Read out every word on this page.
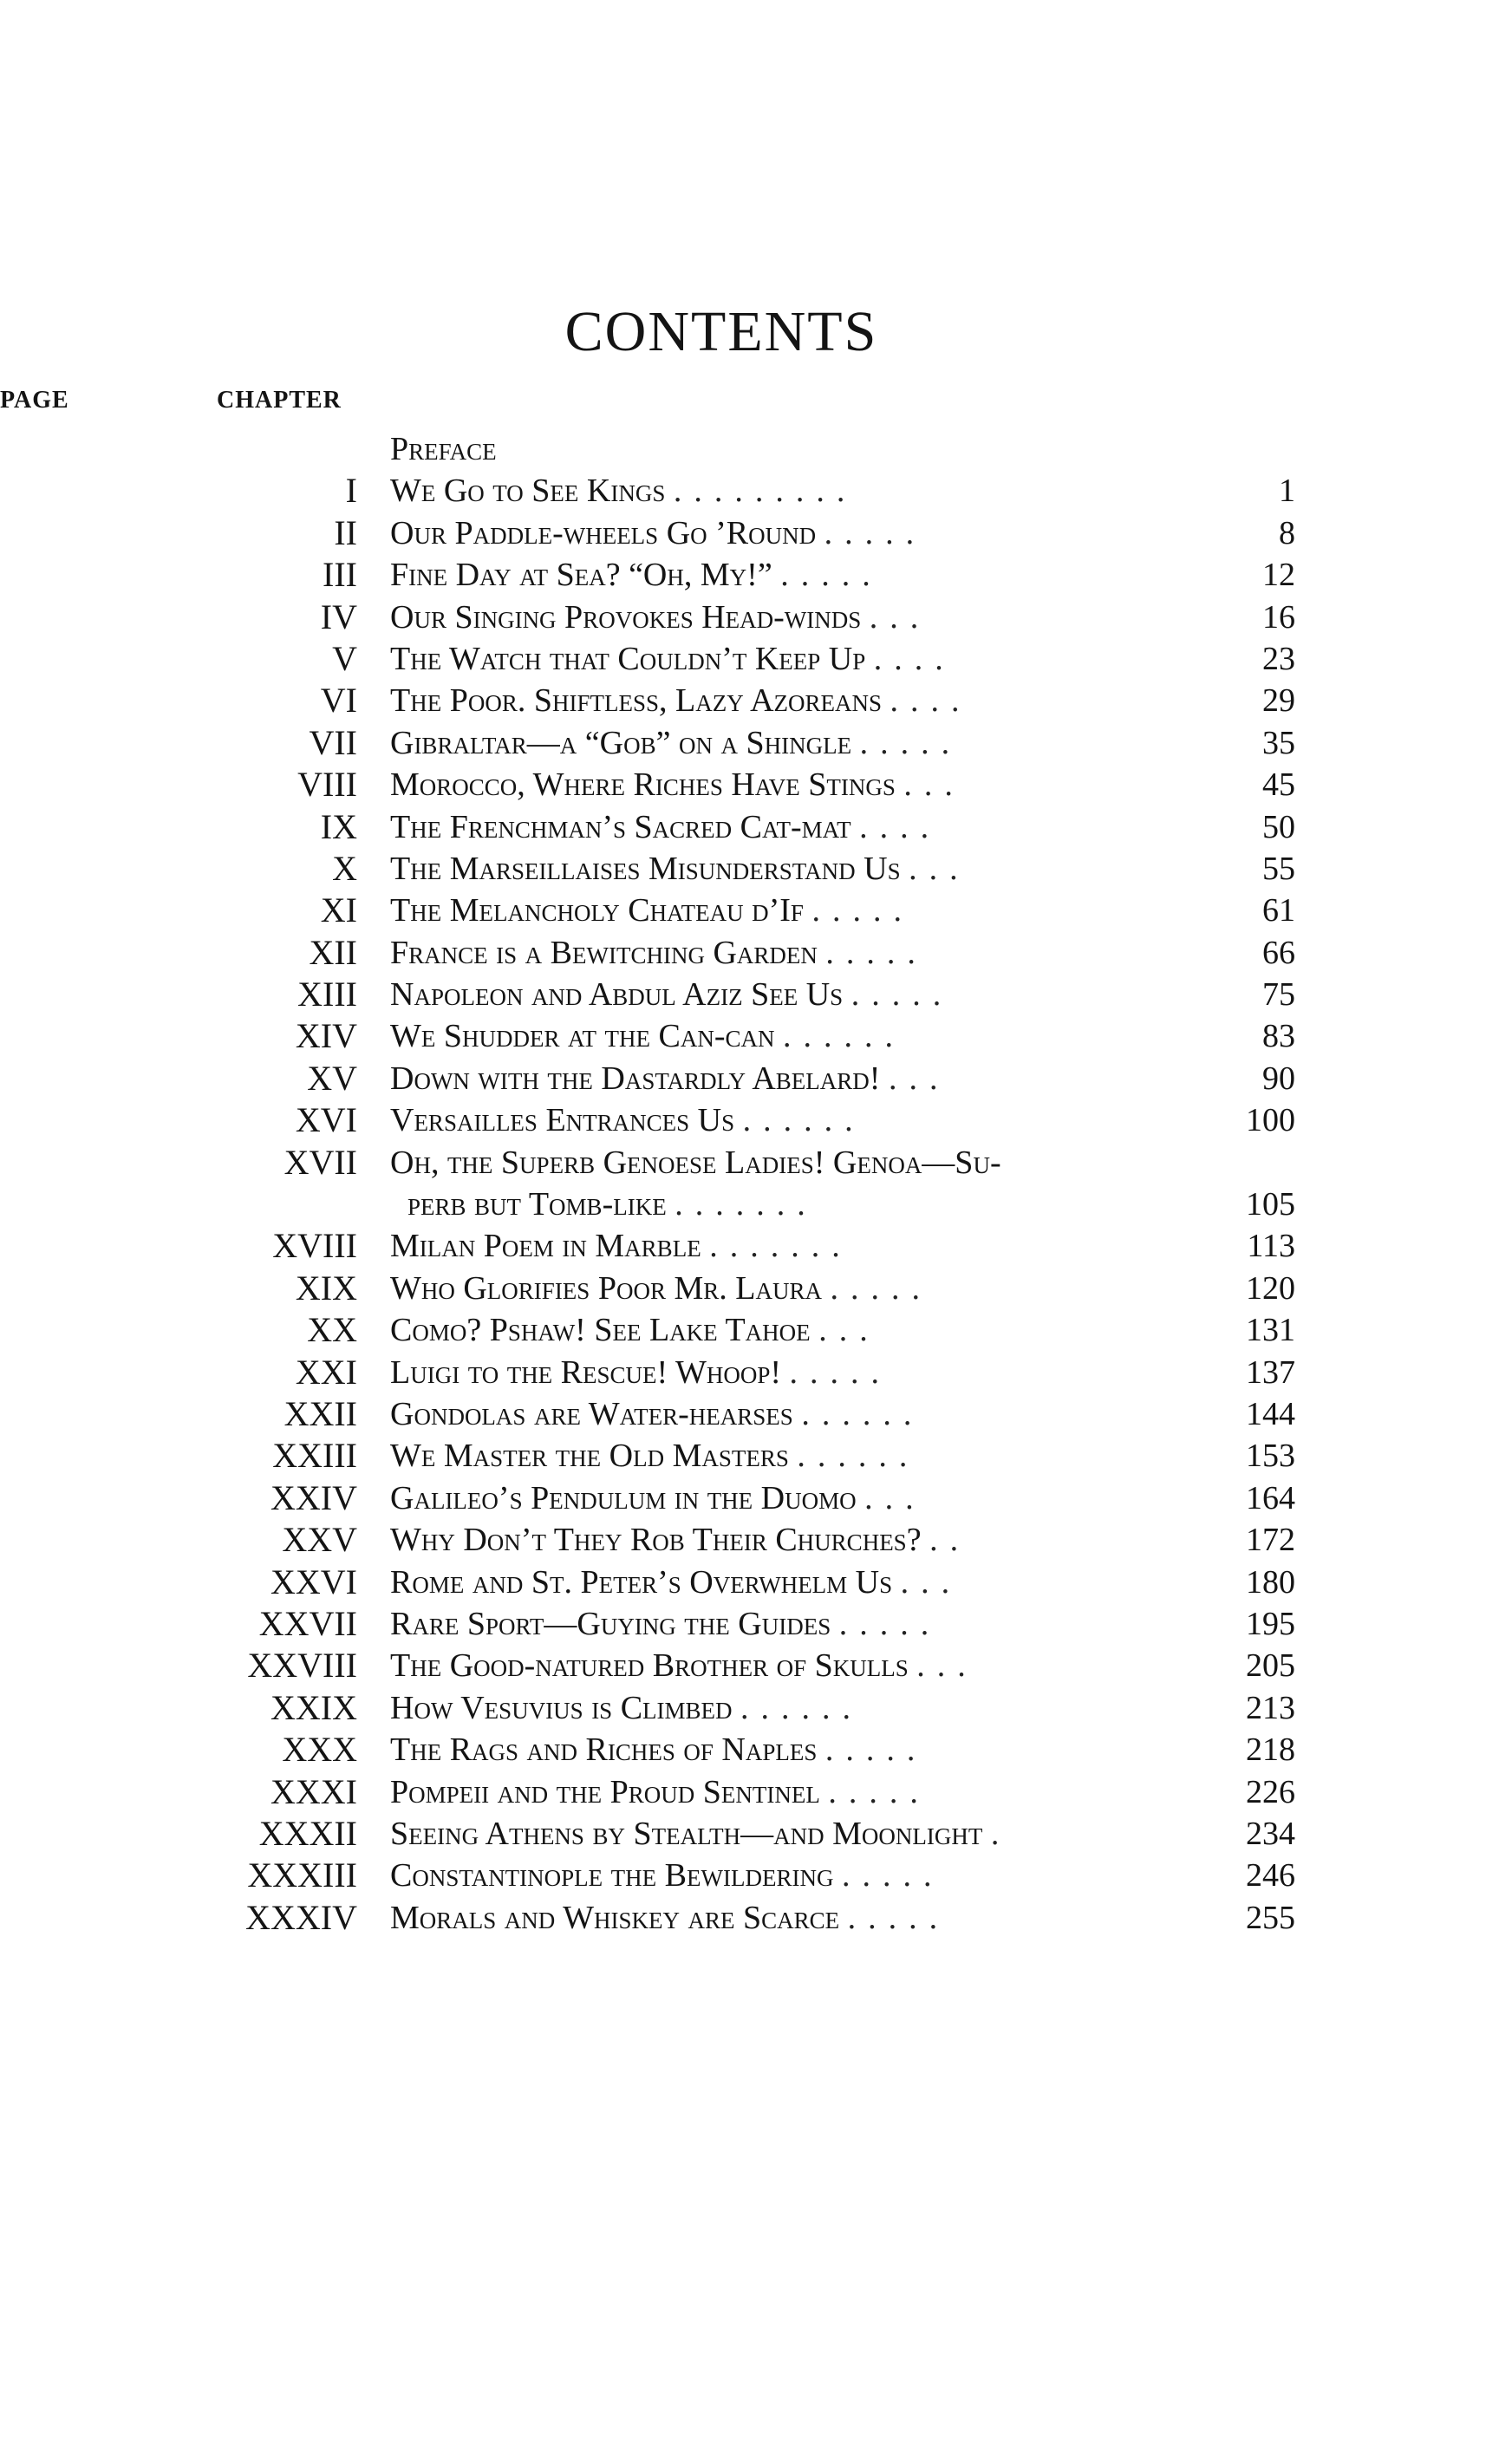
CONTENTS
CHAPTER
PAGE
Preface
I We Go to See Kings .........	1
II Our Paddle-wheels Go ’Round .....	8
III Fine Day at Sea? “Oh, My!” .....	12
IV Our Singing Provokes Head-winds ...	16
V The Watch that Couldn’t Keep Up ....	23
VI The Poor. Shiftless, Lazy Azoreans ....	29
VII Gibraltar—a “Gob” on a Shingle .....	35
VIII Morocco, Where Riches Have Stings ...	45
IX The Frenchman’s Sacred Cat-mat ....	50
X The Marseillaises Misunderstand Us ...	55
XI The Melancholy Chateau d’If .....	61
XII France is a Bewitching Garden .....	66
XIII Napoleon and Abdul Aziz See Us .....	75
XIV We Shudder at the Can-can ......	83
XV Down with the Dastardly Abelard! ...	90
XVI Versailles Entrances Us ......	100
XVII Oh, the Superb Genoese Ladies! Genoa—Su-
perb but Tomb-like .......	105
XVIII Milan Poem in Marble .......	113
XIX Who Glorifies Poor Mr. Laura .....	120
XX Como? Pshaw! See Lake Tahoe ...	131
XXI Luigi to the Rescue! Whoop! .....	137
XXII Gondolas are Water-hearses ......	144
XXIII We Master the Old Masters ......	153
XXIV Galileo’s Pendulum in the Duomo ...	164
XXV Why Don’t They Rob Their Churches? ..	172
XXVI Rome and St. Peter’s Overwhelm Us ...	180
XXVII Rare Sport—Guying the Guides .....	195
XXVIII The Good-natured Brother of Skulls ...	205
XXIX How Vesuvius is Climbed ......	213
XXX The Rags and Riches of Naples .....	218
XXXI Pompeii and the Proud Sentinel .....	226
XXXII Seeing Athens by Stealth—and Moonlight .	234
XXXIII Constantinople the Bewildering .....	246
XXXIV Morals and Whiskey are Scarce .....	255
